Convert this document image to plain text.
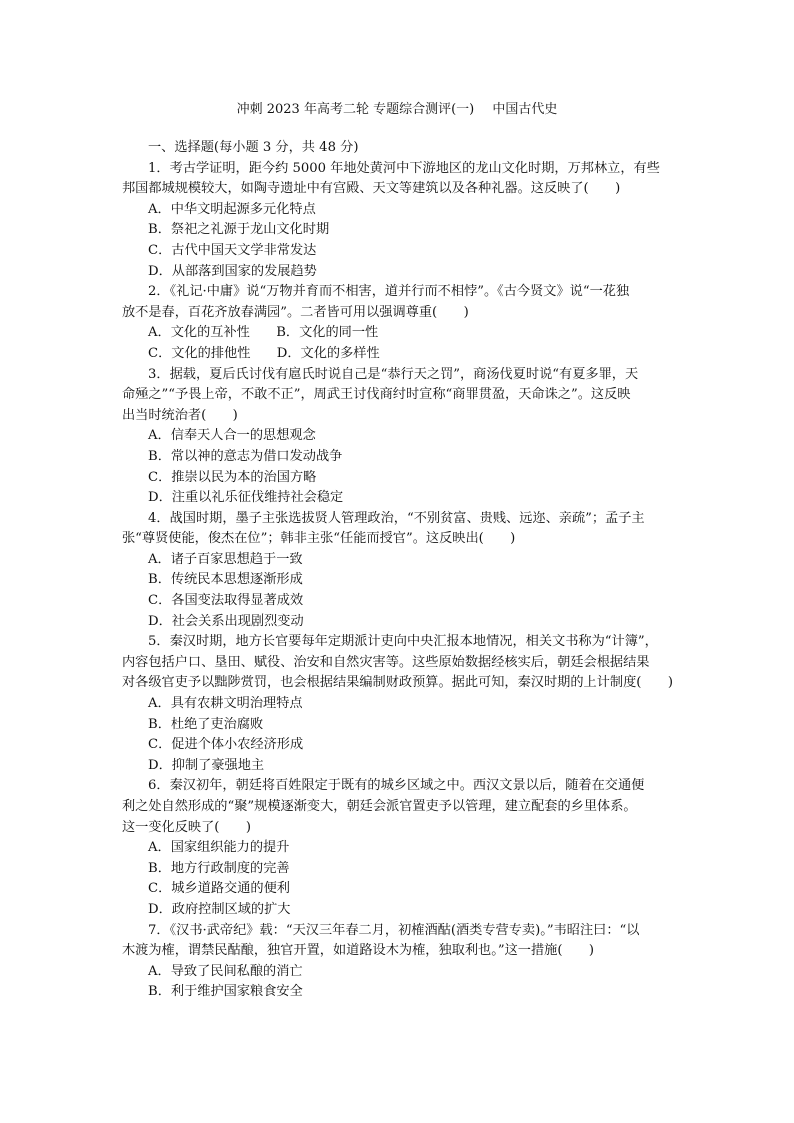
冲刺 2023 年高考二轮 专题综合测评(一) 中国古代史
一、选择题(每小题 3 分，共 48 分)
1．考古学证明，距今约 5000 年地处黄河中下游地区的龙山文化时期，万邦林立，有些
邦国都城规模较大，如陶寺遗址中有宫殿、天文等建筑以及各种礼器。这反映了(　　)
A．中华文明起源多元化特点
B．祭祀之礼源于龙山文化时期
C．古代中国天文学非常发达
D．从部落到国家的发展趋势
2．《礼记·中庸》说“万物并育而不相害，道并行而不相悖”。《古今贤文》说“一花独
放不是春，百花齐放春满园”。二者皆可用以强调尊重(　　)
A．文化的互补性　　B．文化的同一性
C．文化的排他性　　D．文化的多样性
3．据载，夏后氏讨伐有扈氏时说自己是“恭行天之罚”，商汤伐夏时说“有夏多罪，天
命殛之”“予畏上帝，不敢不正”，周武王讨伐商纣时宣称“商罪贯盈，天命诛之”。这反映
出当时统治者(　　)
A．信奉天人合一的思想观念
B．常以神的意志为借口发动战争
C．推崇以民为本的治国方略
D．注重以礼乐征伐维持社会稳定
4．战国时期，墨子主张选拔贤人管理政治，“不别贫富、贵贱、远迩、亲疏”；孟子主
张“尊贤使能，俊杰在位”；韩非主张“任能而授官”。这反映出(　　)
A．诸子百家思想趋于一致
B．传统民本思想逐渐形成
C．各国变法取得显著成效
D．社会关系出现剧烈变动
5．秦汉时期，地方长官要每年定期派计吏向中央汇报本地情况，相关文书称为“计簿”，
内容包括户口、垦田、赋役、治安和自然灾害等。这些原始数据经核实后，朝廷会根据结果
对各级官吏予以黜陟赏罚，也会根据结果编制财政预算。据此可知，秦汉时期的上计制度(　　)
A．具有农耕文明治理特点
B．杜绝了吏治腐败
C．促进个体小农经济形成
D．抑制了豪强地主
6．秦汉初年，朝廷将百姓限定于既有的城乡区域之中。西汉文景以后，随着在交通便
利之处自然形成的“聚”规模逐渐变大，朝廷会派官置吏予以管理，建立配套的乡里体系。
这一变化反映了(　　)
A．国家组织能力的提升
B．地方行政制度的完善
C．城乡道路交通的便利
D．政府控制区域的扩大
7．《汉书·武帝纪》载：“天汉三年春二月，初榷酒酤(酒类专营专卖)。”韦昭注曰：“以
木渡为榷，谓禁民酤酿，独官开置，如道路设木为榷，独取利也。”这一措施(　　)
A．导致了民间私酿的消亡
B．利于维护国家粮食安全
